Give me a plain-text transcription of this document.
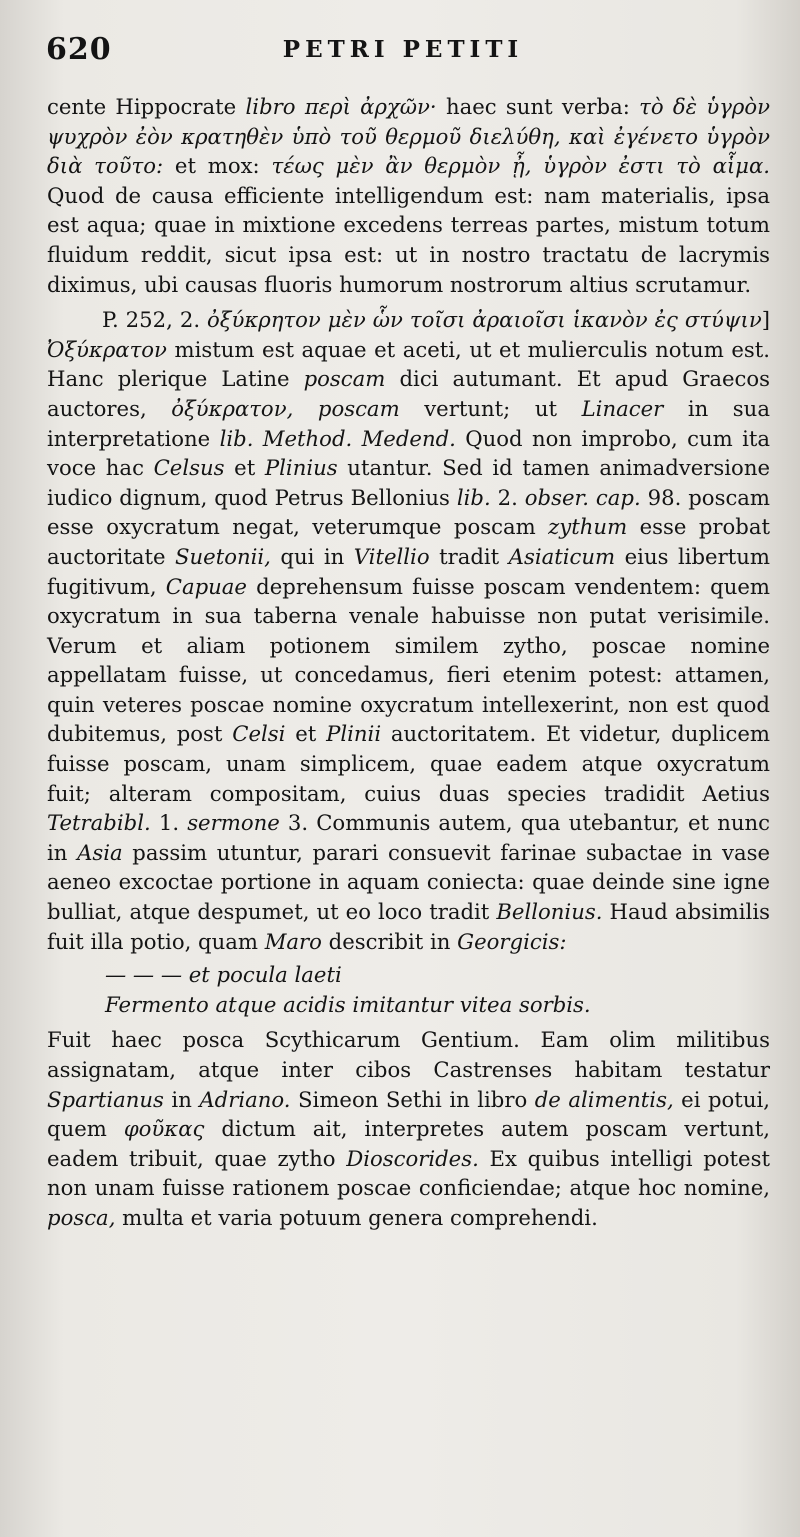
620	PETRI PETITI

cente Hippocrate libro περὶ ἀρχῶν· haec sunt verba: τὸ δὲ ὑγρὸν ψυχρὸν ἐὸν κρατηθὲν ὑπὸ τοῦ θερμοῦ διελύθη, καὶ ἐγένετο ὑγρὸν διὰ τοῦτο: et mox: τέως μὲν ἂν θερμὸν ᾖ, ὑγρὸν ἐστι τὸ αἷμα. Quod de causa efficiente intelligendum est: nam materialis, ipsa est aqua; quae in mixtione excedens terreas partes, mistum totum fluidum reddit, sicut ipsa est: ut in nostro tractatu de lacrymis diximus, ubi causas fluoris humorum nostrorum altius scrutamur.

P. 252, 2. ὀξύκρητον μὲν ὧν τοῖσι ἀραιοῖσι ἱκανὸν ἐς στύψιν] Ὀξύκρατον mistum est aquae et aceti, ut et mulierculis notum est. Hanc plerique Latine poscam dici autumant. Et apud Graecos auctores, ὀξύκρατον, poscam vertunt; ut Linacer in sua interpretatione lib. Method. Medend. Quod non improbo, cum ita voce hac Celsus et Plinius utantur. Sed id tamen animadversione iudico dignum, quod Petrus Bellonius lib. 2. obser. cap. 98. poscam esse oxycratum negat, veterumque poscam zythum esse probat auctoritate Suetonii, qui in Vitellio tradit Asiaticum eius libertum fugitivum, Capuae deprehensum fuisse poscam vendentem: quem oxycratum in sua taberna venale habuisse non putat verisimile. Verum et aliam potionem similem zytho, poscae nomine appellatam fuisse, ut concedamus, fieri etenim potest: attamen, quin veteres poscae nomine oxycratum intellexerint, non est quod dubitemus, post Celsi et Plinii auctoritatem. Et videtur, duplicem fuisse poscam, unam simplicem, quae eadem atque oxycratum fuit; alteram compositam, cuius duas species tradidit Aetius Tetrabibl. 1. sermone 3. Communis autem, qua utebantur, et nunc in Asia passim utuntur, parari consuevit farinae subactae in vase aeneo excoctae portione in aquam coniecta: quae deinde sine igne bulliat, atque despumet, ut eo loco tradit Bellonius. Haud absimilis fuit illa potio, quam Maro describit in Georgicis:

— — — et pocula laeti
Fermento atque acidis imitantur vitea sorbis.

Fuit haec posca Scythicarum Gentium. Eam olim militibus assignatam, atque inter cibos Castrenses habitam testatur Spartianus in Adriano. Simeon Sethi in libro de alimentis, ei potui, quem φοῦκας dictum ait, interpretes autem poscam vertunt, eadem tribuit, quae zytho Dioscorides. Ex quibus intelligi potest non unam fuisse rationem poscae conficiendae; atque hoc nomine, posca, multa et varia potuum genera comprehendi.
